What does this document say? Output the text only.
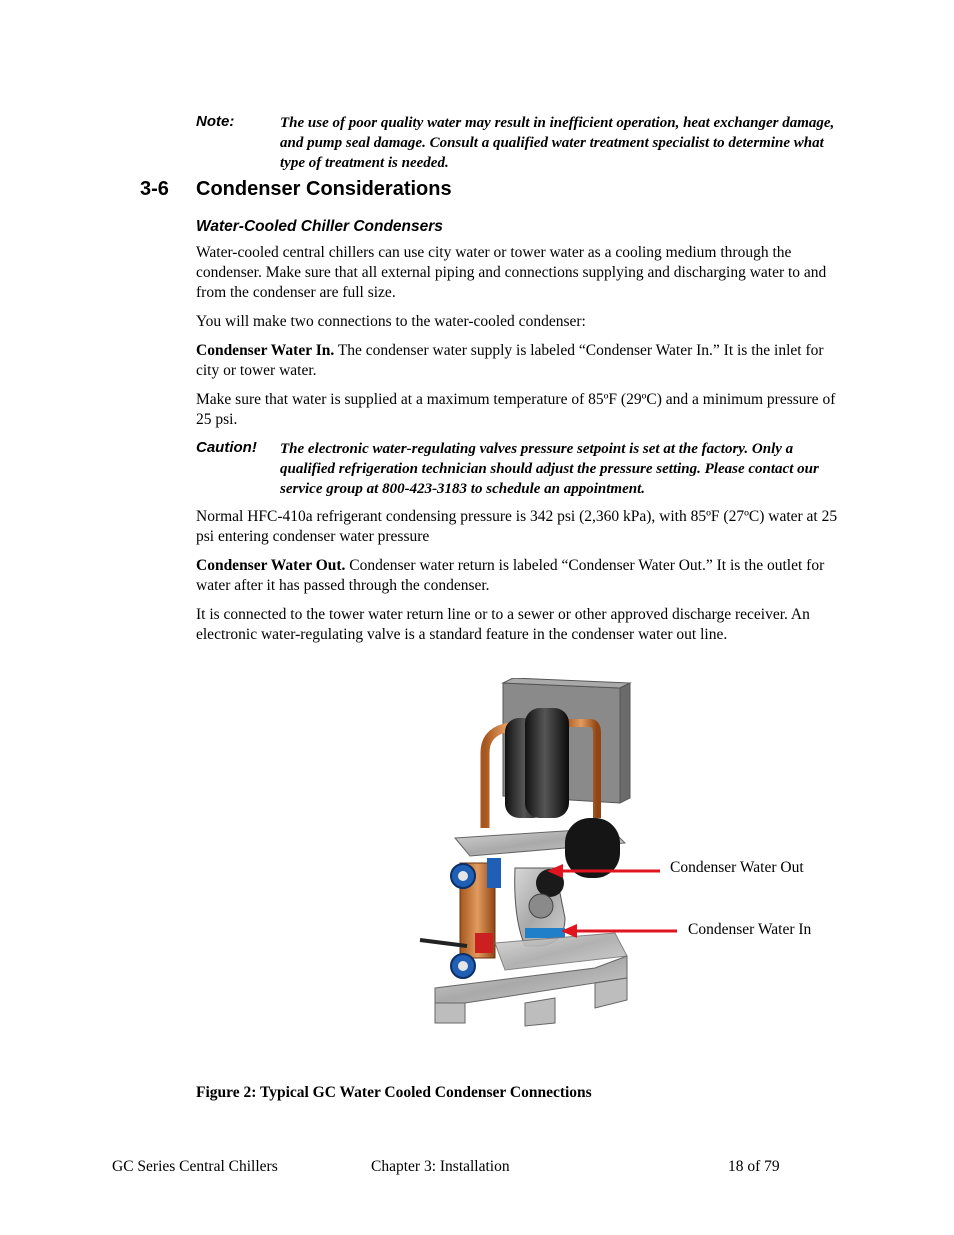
Note:	The use of poor quality water may result in inefficient operation, heat exchanger damage, and pump seal damage. Consult a qualified water treatment specialist to determine what type of treatment is needed.
3-6 Condenser Considerations
Water-Cooled Chiller Condensers
Water-cooled central chillers can use city water or tower water as a cooling medium through the condenser. Make sure that all external piping and connections supplying and discharging water to and from the condenser are full size.
You will make two connections to the water-cooled condenser:
Condenser Water In. The condenser water supply is labeled “Condenser Water In.” It is the inlet for city or tower water.
Make sure that water is supplied at a maximum temperature of 85ºF (29ºC) and a minimum pressure of 25 psi.
Caution! The electronic water-regulating valves pressure setpoint is set at the factory. Only a qualified refrigeration technician should adjust the pressure setting. Please contact our service group at 800-423-3183 to schedule an appointment.
Normal HFC-410a refrigerant condensing pressure is 342 psi (2,360 kPa), with 85ºF (27ºC) water at 25 psi entering condenser water pressure
Condenser Water Out. Condenser water return is labeled “Condenser Water Out.” It is the outlet for water after it has passed through the condenser.
It is connected to the tower water return line or to a sewer or other approved discharge receiver. An electronic water-regulating valve is a standard feature in the condenser water out line.
Condenser Water Out
Condenser Water In
Figure 2: Typical GC Water Cooled Condenser Connections
GC Series Central Chillers	Chapter 3: Installation	18 of 79
